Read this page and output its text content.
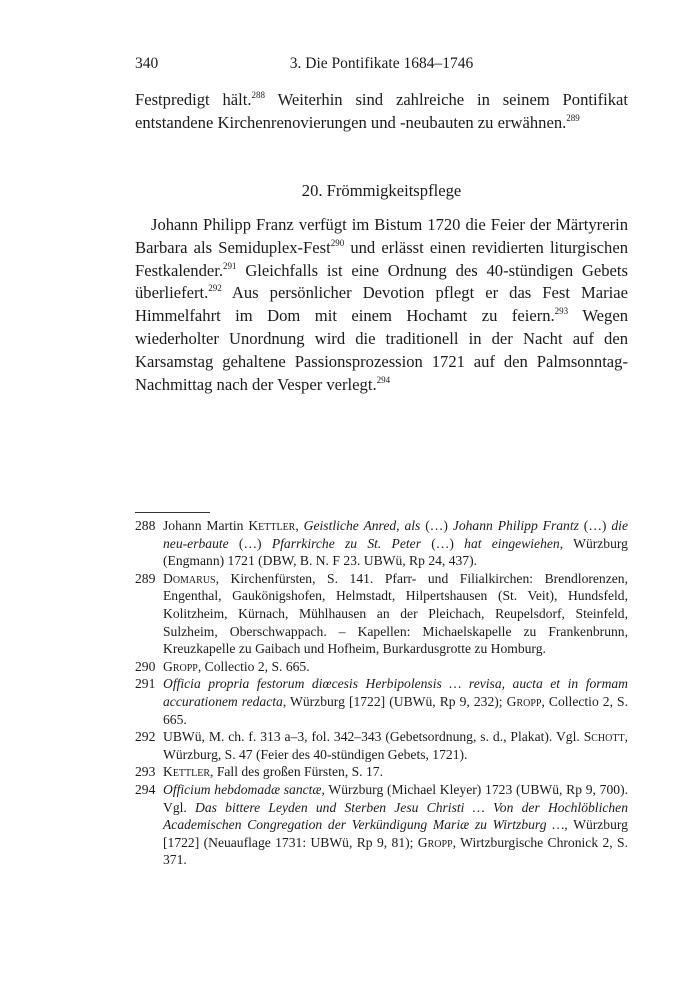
340	3. Die Pontifikate 1684–1746

Festpredigt hält.$^{288}$ Weiterhin sind zahlreiche in seinem Pontifikat entstandene Kirchenrenovierungen und -neubauten zu erwähnen.$^{289}$

20. Frömmigkeitspflege

Johann Philipp Franz verfügt im Bistum 1720 die Feier der Märtyrerin Barbara als Semiduplex-Fest$^{290}$ und erlässt einen revidierten liturgischen Festkalender.$^{291}$ Gleichfalls ist eine Ordnung des 40-stündigen Gebets überliefert.$^{292}$ Aus persönlicher Devotion pflegt er das Fest Mariae Himmelfahrt im Dom mit einem Hochamt zu feiern.$^{293}$ Wegen wiederholter Unordnung wird die traditionell in der Nacht auf den Karsamstag gehaltene Passionsprozession 1721 auf den Palmsonntag-Nachmittag nach der Vesper verlegt.$^{294}$

288 Johann Martin Kettler, Geistliche Anred, als (…) Johann Philipp Frantz (…) die neu-erbaute (…) Pfarrkirche zu St. Peter (…) hat eingewiehen, Würzburg (Engmann) 1721 (DBW, B. N. F 23. UBWü, Rp 24, 437).
289 Domarus, Kirchenfürsten, S. 141. Pfarr- und Filialkirchen: Brendlorenzen, Engenthal, Gaukönigshofen, Helmstadt, Hilpertshausen (St. Veit), Hundsfeld, Kolitzheim, Kürnach, Mühlhausen an der Pleichach, Reupelsdorf, Steinfeld, Sulzheim, Oberschwappach. – Kapellen: Michaelskapelle zu Frankenbrunn, Kreuzkapelle zu Gaibach und Hofheim, Burkardusgrotte zu Homburg.
290 Gropp, Collectio 2, S. 665.
291 Officia propria festorum diœcesis Herbipolensis … revisa, aucta et in formam accurationem redacta, Würzburg [1722] (UBWü, Rp 9, 232); Gropp, Collectio 2, S. 665.
292 UBWü, M. ch. f. 313 a–3, fol. 342–343 (Gebetsordnung, s. d., Plakat). Vgl. Schott, Würzburg, S. 47 (Feier des 40-stündigen Gebets, 1721).
293 Kettler, Fall des großen Fürsten, S. 17.
294 Officium hebdomadæ sanctæ, Würzburg (Michael Kleyer) 1723 (UBWü, Rp 9, 700). Vgl. Das bittere Leyden und Sterben Jesu Christi … Von der Hochlöblichen Academischen Congregation der Verkündigung Mariæ zu Wirtzburg …, Würzburg [1722] (Neuauflage 1731: UBWü, Rp 9, 81); Gropp, Wirtzburgische Chronick 2, S. 371.
